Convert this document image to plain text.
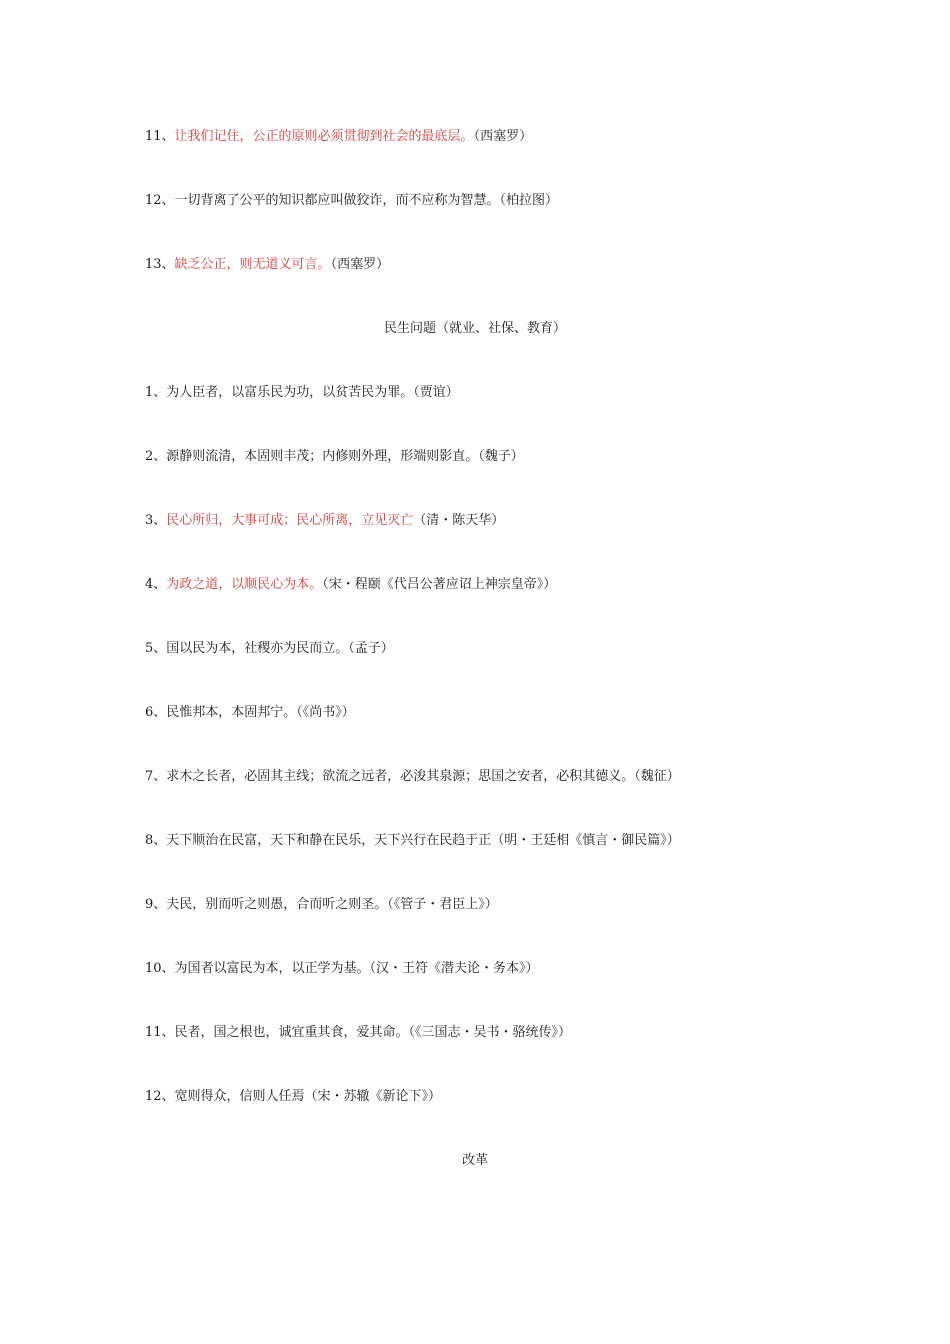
11、让我们记住，公正的原则必须贯彻到社会的最底层。（西塞罗）
12、一切背离了公平的知识都应叫做狡诈，而不应称为智慧。（柏拉图）
13、缺乏公正，则无道义可言。（西塞罗）
民生问题（就业、社保、教育）
1、为人臣者，以富乐民为功，以贫苦民为罪。（贾谊）
2、源静则流清，本固则丰茂；内修则外理，形端则影直。（魏子）
3、民心所归，大事可成；民心所离，立见灭亡（清・陈天华）
4、为政之道，以顺民心为本。（宋・程颐《代吕公著应诏上神宗皇帝》）
5、国以民为本，社稷亦为民而立。（孟子）
6、民惟邦本，本固邦宁。（《尚书》）
7、求木之长者，必固其主线；欲流之远者，必浚其泉源；思国之安者，必积其德义。（魏征）
8、天下顺治在民富，天下和静在民乐，天下兴行在民趋于正（明・王廷相《慎言・御民篇》）
9、夫民，别而听之则愚，合而听之则圣。（《管子・君臣上》）
10、为国者以富民为本，以正学为基。（汉・王符《潜夫论・务本》）
11、民者，国之根也，诚宜重其食，爱其命。（《三国志・吴书・骆统传》）
12、宽则得众，信则人任焉（宋・苏辙《新论下》）
改革
